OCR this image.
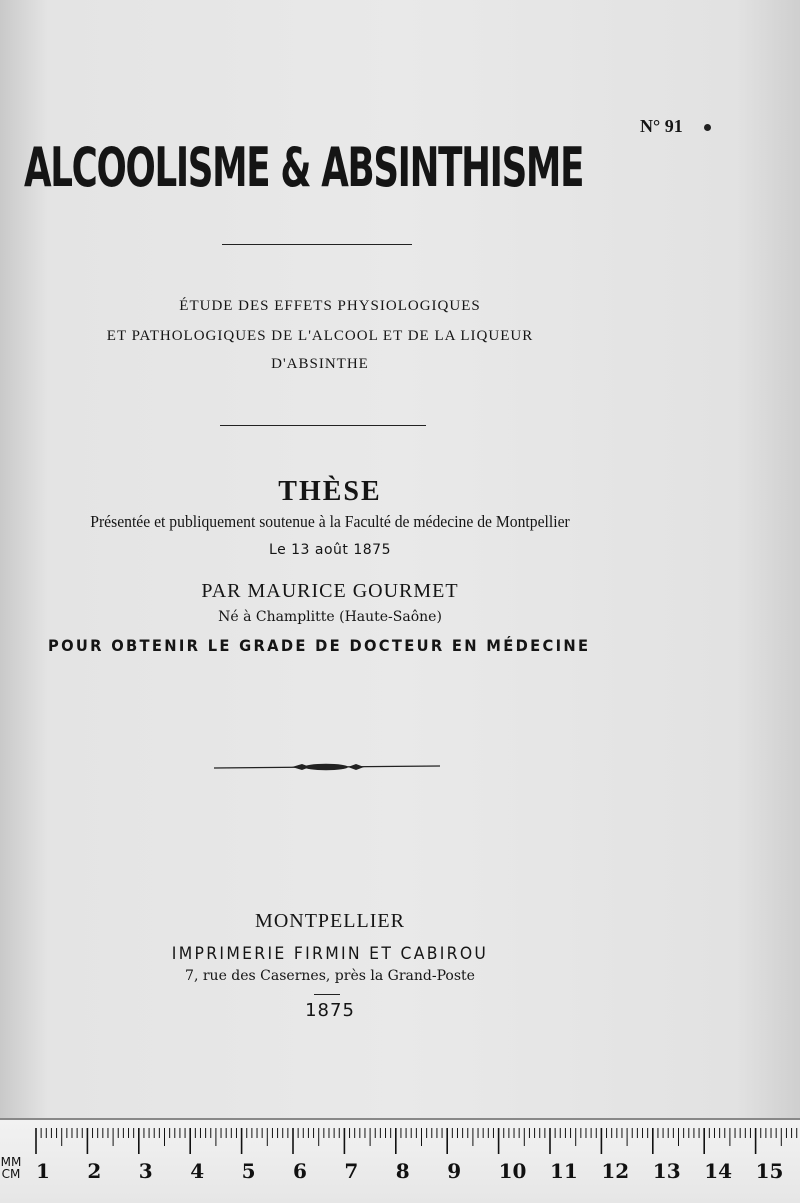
N° 91
ALCOOLISME & ABSINTHISME
ÉTUDE DES EFFETS PHYSIOLOGIQUES
ET PATHOLOGIQUES DE L'ALCOOL ET DE LA LIQUEUR
D'ABSINTHE
THÈSE
Présentée et publiquement soutenue à la Faculté de médecine de Montpellier
Le 13 août 1875
PAR MAURICE GOURMET
Né à Champlitte (Haute-Saône)
POUR OBTENIR LE GRADE DE DOCTEUR EN MÉDECINE
MONTPELLIER
IMPRIMERIE FIRMIN ET CABIROU
7, rue des Casernes, près la Grand-Poste
1875
1 2 3 4 5 6 7 8 9 10 11 12 13 14 15
MM
CM
